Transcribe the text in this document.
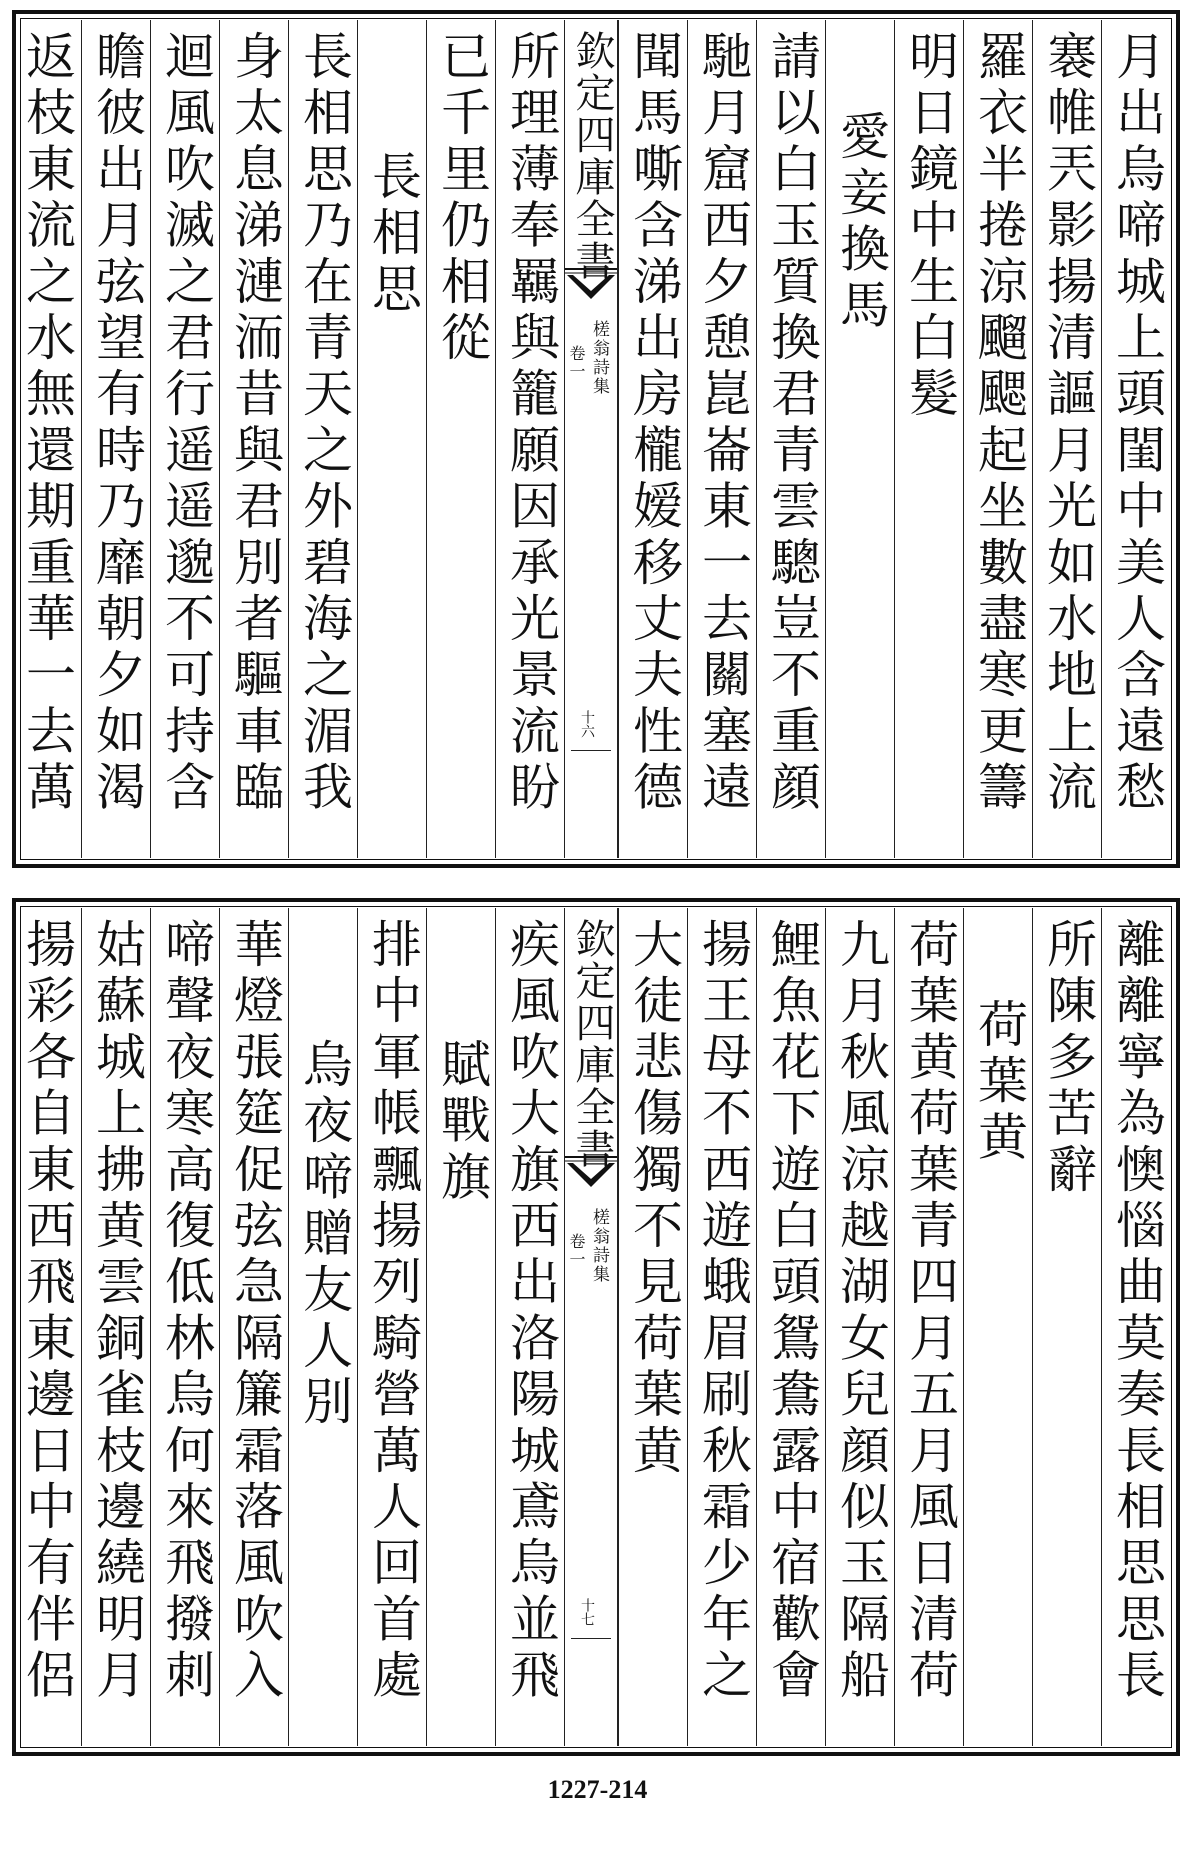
月出烏啼城上頭閨中美人含遠愁
褰帷兲影揚清謳月光如水地上流
羅衣半捲涼飀颸起坐數盡寒更籌
明日鏡中生白髮
愛妾換馬
請以白玉質換君青雲驄豈不重顔
馳月窟西夕憩崑崙東一去關塞遠
聞馬嘶含涕出房櫳嫒移丈夫性德
欽定四庫全書
槎翁詩集
卷一
十六
所理薄奉羈與籠願因承光景流盼
已千里仍相從
長相思
長相思乃在青天之外碧海之湄我
身太息涕漣洏昔與君別者驅車臨
迴風吹滅之君行遥遥邈不可持含
瞻彼出月弦望有時乃靡朝夕如渴
返枝東流之水無還期重華一去萬
離離寧為懊惱曲莫奏長相思思長
所陳多苦辭
荷葉黄
荷葉黄荷葉青四月五月風日清荷
九月秋風涼越湖女兒顔似玉隔船
鯉魚花下遊白頭鴛鴦露中宿歡會
揚王母不西遊蛾眉刷秋霜少年之
大徒悲傷獨不見荷葉黄
欽定四庫全書
槎翁詩集
卷一
十七
疾風吹大旗西出洛陽城鳶烏並飛
賦戰旗
排中軍帳飄揚列騎營萬人回首處
烏夜啼贈友人別
華燈張筵促弦急隔簾霜落風吹入
啼聲夜寒高復低林烏何來飛撥刺
姑蘇城上拂黄雲銅雀枝邊繞明月
揚彩各自東西飛東邊日中有伴侶
1227-214
